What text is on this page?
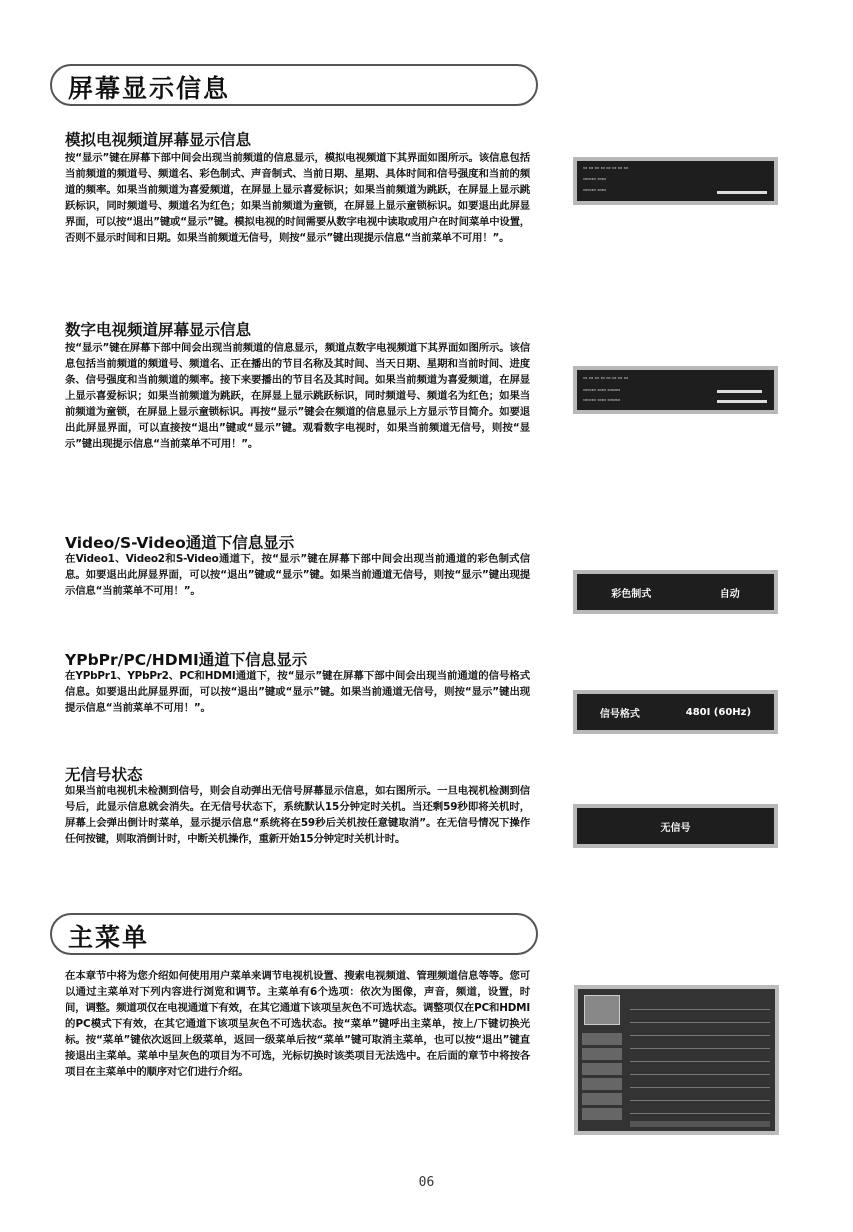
屏幕显示信息
模拟电视频道屏幕显示信息

按“显示”键在屏幕下部中间会出现当前频道的信息显示，模拟电视频道下其界面如图所示。该信息包括当前频道的频道号、频道名、彩色制式、声音制式、当前日期、星期、具体时间和信号强度和当前的频道的频率。如果当前频道为喜爱频道，在屏显上显示喜爱标识；如果当前频道为跳跃，在屏显上显示跳跃标识，同时频道号、频道名为红色；如果当前频道为童锁，在屏显上显示童锁标识。如要退出此屏显界面，可以按“退出”键或“显示”键。模拟电视的时间需要从数字电视中读取或用户在时间菜单中设置，否则不显示时间和日期。如果当前频道无信号，则按“显示”键出现提示信息“当前菜单不可用！”。

▭ ▭ ▭ ▭ ▭ ▭ ▭ ▭
▭▭▭ ▭▭
▭▭▭ ▭▭
数字电视频道屏幕显示信息

按“显示”键在屏幕下部中间会出现当前频道的信息显示，频道点数字电视频道下其界面如图所示。该信息包括当前频道的频道号、频道名、正在播出的节目名称及其时间、当天日期、星期和当前时间、进度条、信号强度和当前频道的频率。接下来要播出的节目名及其时间。如果当前频道为喜爱频道，在屏显上显示喜爱标识；如果当前频道为跳跃，在屏显上显示跳跃标识，同时频道号、频道名为红色；如果当前频道为童锁，在屏显上显示童锁标识。再按“显示”键会在频道的信息显示上方显示节目简介。如要退出此屏显界面，可以直接按“退出”键或“显示”键。观看数字电视时，如果当前频道无信号，则按“显示”键出现提示信息“当前菜单不可用！”。

▭ ▭ ▭ ▭ ▭ ▭ ▭ ▭
▭▭▭ ▭▭ ▭▭▭
▭▭▭ ▭▭ ▭▭▭
Video/S-Video通道下信息显示

在Video1、Video2和S-Video通道下，按“显示”键在屏幕下部中间会出现当前通道的彩色制式信息。如要退出此屏显界面，可以按“退出”键或“显示”键。如果当前通道无信号，则按“显示”键出现提示信息“当前菜单不可用！”。	彩色制式	自动
YPbPr/PC/HDMI通道下信息显示

在YPbPr1、YPbPr2、PC和HDMI通道下，按“显示”键在屏幕下部中间会出现当前通道的信号格式信息。如要退出此屏显界面，可以按“退出”键或“显示”键。如果当前通道无信号，则按“显示”键出现提示信息“当前菜单不可用！”。	信号格式	480I (60Hz)
无信号状态

如果当前电视机未检测到信号，则会自动弹出无信号屏幕显示信息，如右图所示。一旦电视机检测到信号后，此显示信息就会消失。在无信号状态下，系统默认15分钟定时关机。当还剩59秒即将关机时，屏幕上会弹出倒计时菜单，显示提示信息“系统将在59秒后关机按任意键取消”。在无信号情况下操作任何按键，则取消倒计时，中断关机操作，重新开始15分钟定时关机计时。

无信号
主菜单

在本章节中将为您介绍如何使用用户菜单来调节电视机设置、搜索电视频道、管理频道信息等等。您可以通过主菜单对下列内容进行浏览和调节。主菜单有6个选项：依次为图像，声音，频道，设置，时间，调整。频道项仅在电视通道下有效，在其它通道下该项呈灰色不可选状态。调整项仅在PC和HDMI的PC模式下有效，在其它通道下该项呈灰色不可选状态。按“菜单”键呼出主菜单，按上/下键切换光标。按“菜单”键依次返回上级菜单，返回一级菜单后按“菜单”键可取消主菜单，也可以按“退出”键直接退出主菜单。菜单中呈灰色的项目为不可选，光标切换时该类项目无法选中。在后面的章节中将按各项目在主菜单中的顺序对它们进行介绍。

06
